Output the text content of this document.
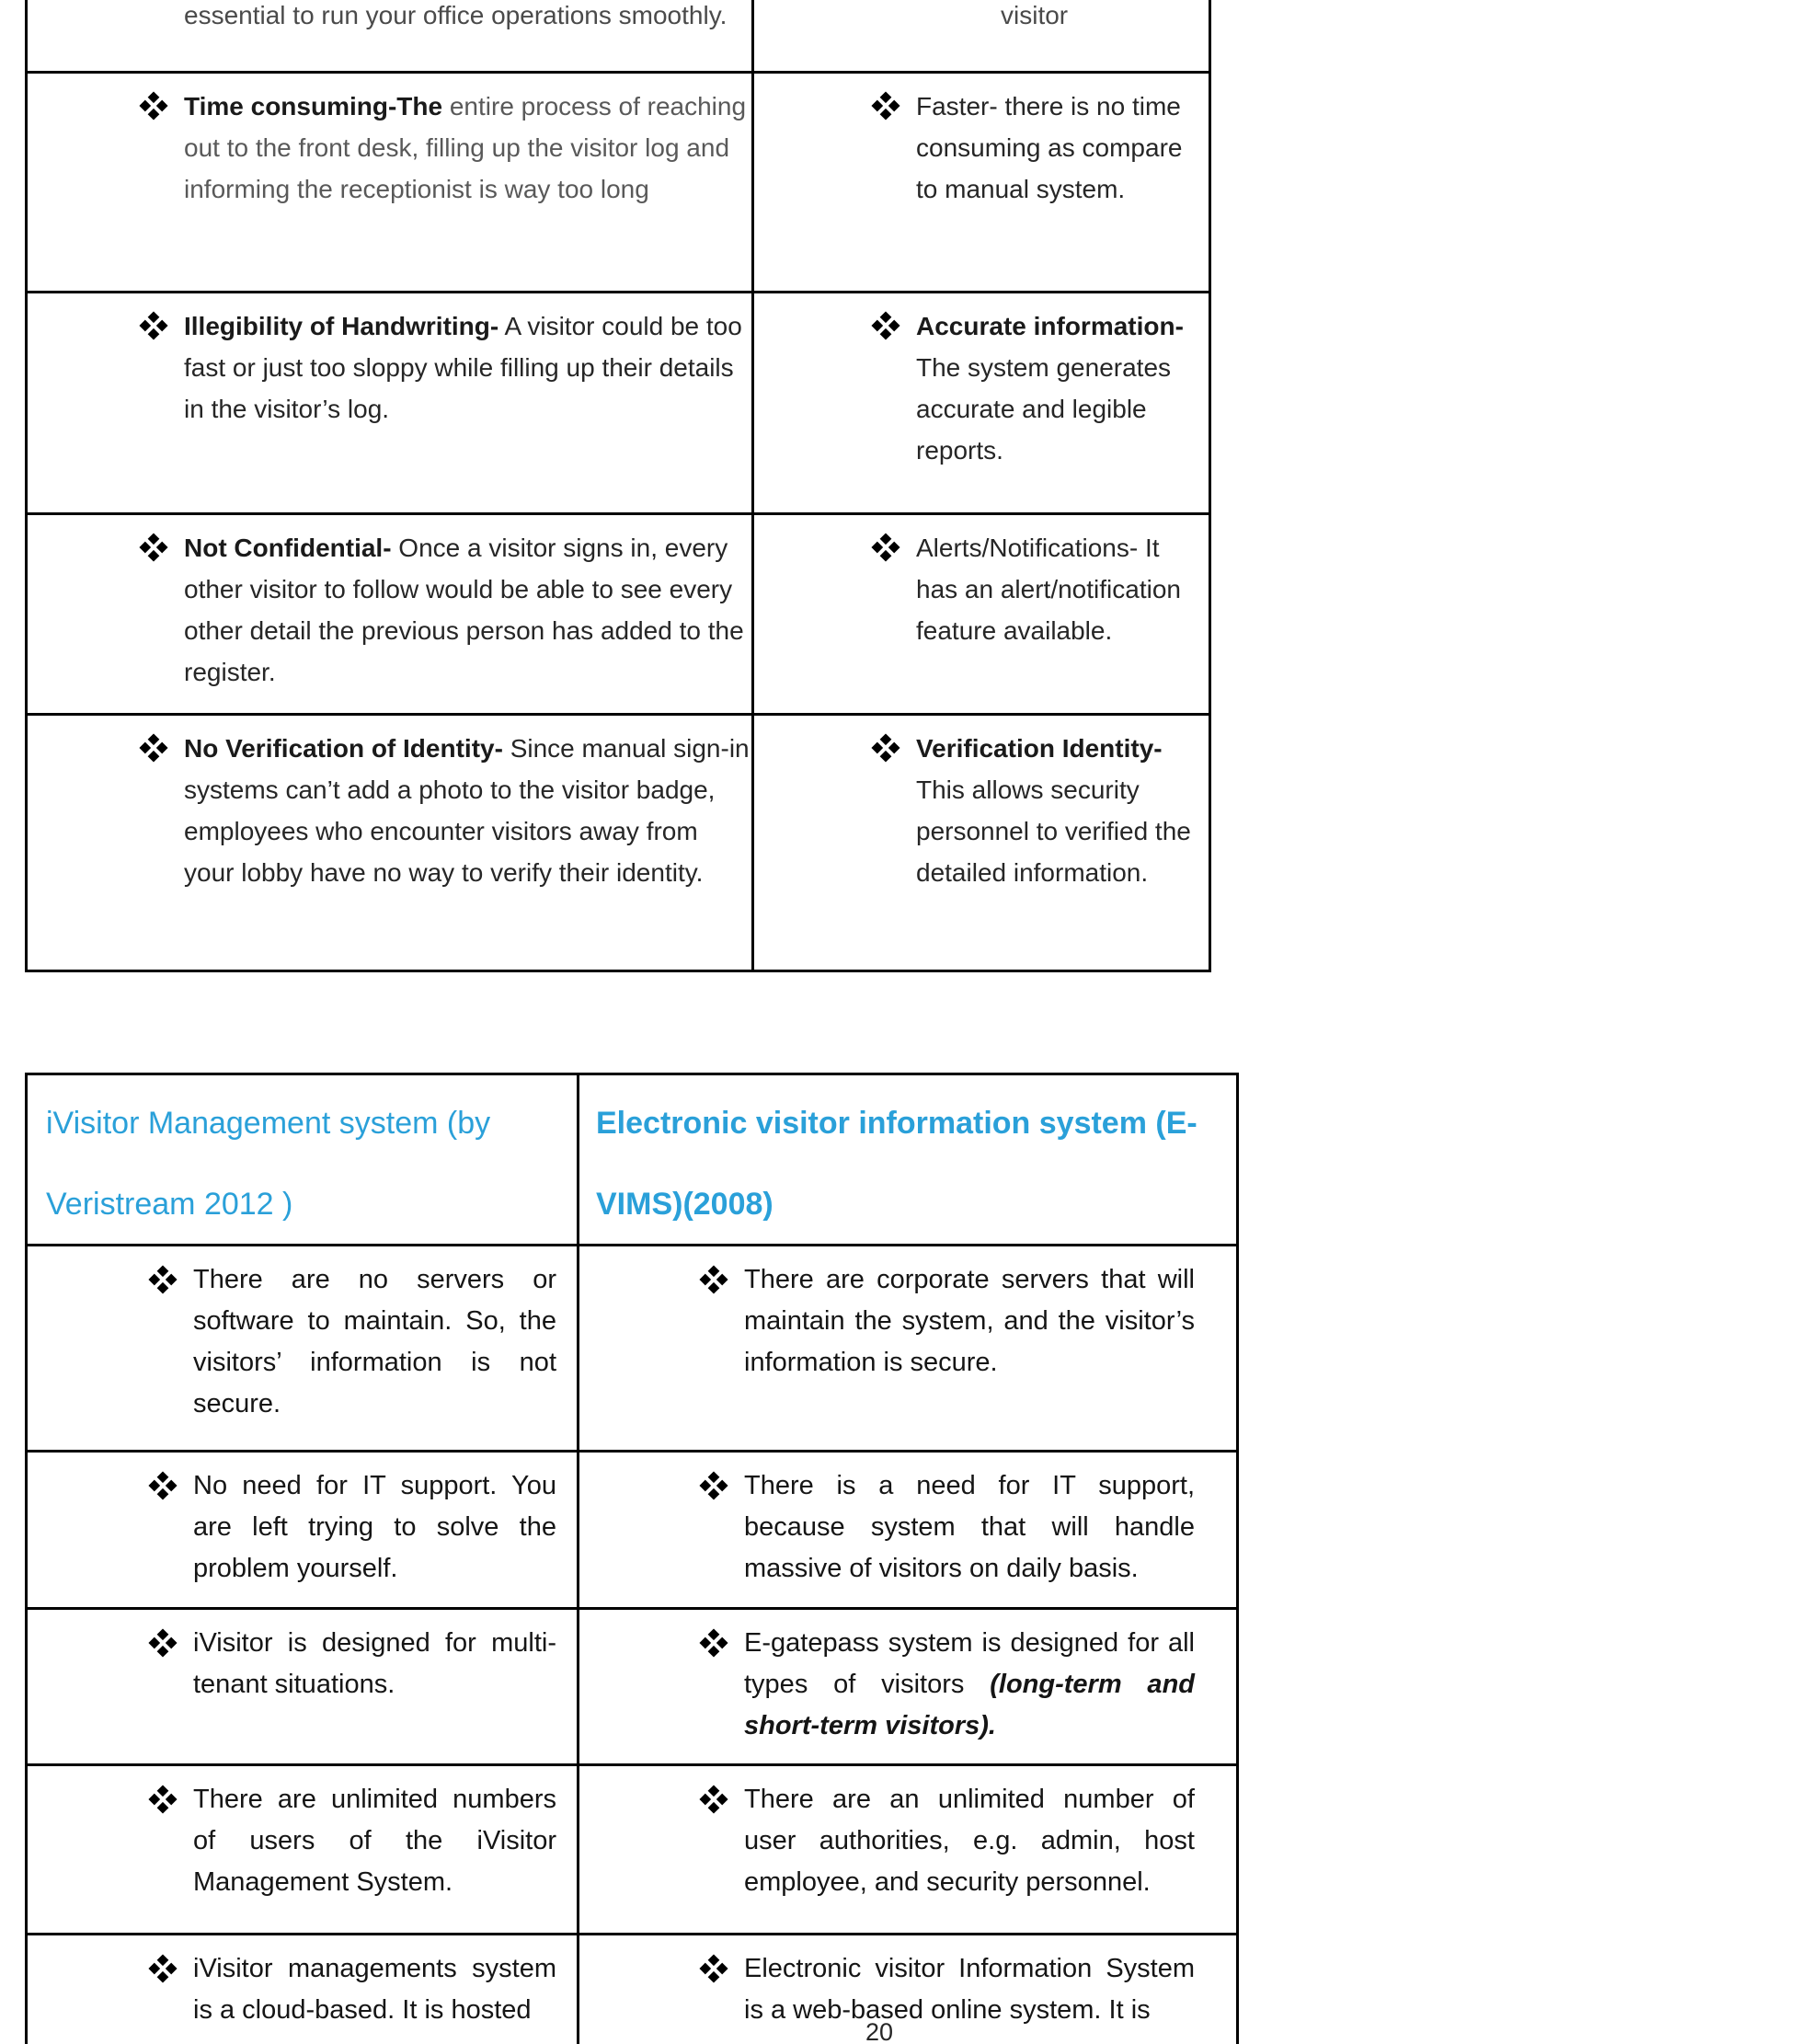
essential to run your office operations smoothly.	visitor

Time consuming-The entire process of reaching out to the front desk, filling up the visitor log and informing the receptionist is way too long

Faster- there is no time consuming as compare to manual system.

Illegibility of Handwriting- A visitor could be too fast or just too sloppy while filling up their details in the visitor’s log.

Accurate information- The system generates accurate and legible reports.

Not Confidential- Once a visitor signs in, every other visitor to follow would be able to see every other detail the previous person has added to the register.

Alerts/Notifications- It has an alert/notification feature available.

No Verification of Identity- Since manual sign-in systems can’t add a photo to the visitor badge, employees who encounter visitors away from your lobby have no way to verify their identity.

Verification Identity- This allows security personnel to verified the detailed information.

iVisitor Management system (by Veristream 2012 )
Electronic visitor information system (E-VIMS)(2008)

There are no servers or software to maintain. So, the visitors’ information is not secure.

There are corporate servers that will maintain the system, and the visitor’s information is secure.

No need for IT support. You are left trying to solve the problem yourself.

There is a need for IT support, because system that will handle massive of visitors on daily basis.

iVisitor is designed for multi-tenant situations.

E-gatepass system is designed for all types of visitors (long-term and short-term visitors).

There are unlimited numbers of users of the iVisitor Management System.

There are an unlimited number of user authorities, e.g. admin, host employee, and security personnel.

iVisitor managements system is a cloud-based. It is hosted

Electronic visitor Information System is a web-based online system. It is

20
